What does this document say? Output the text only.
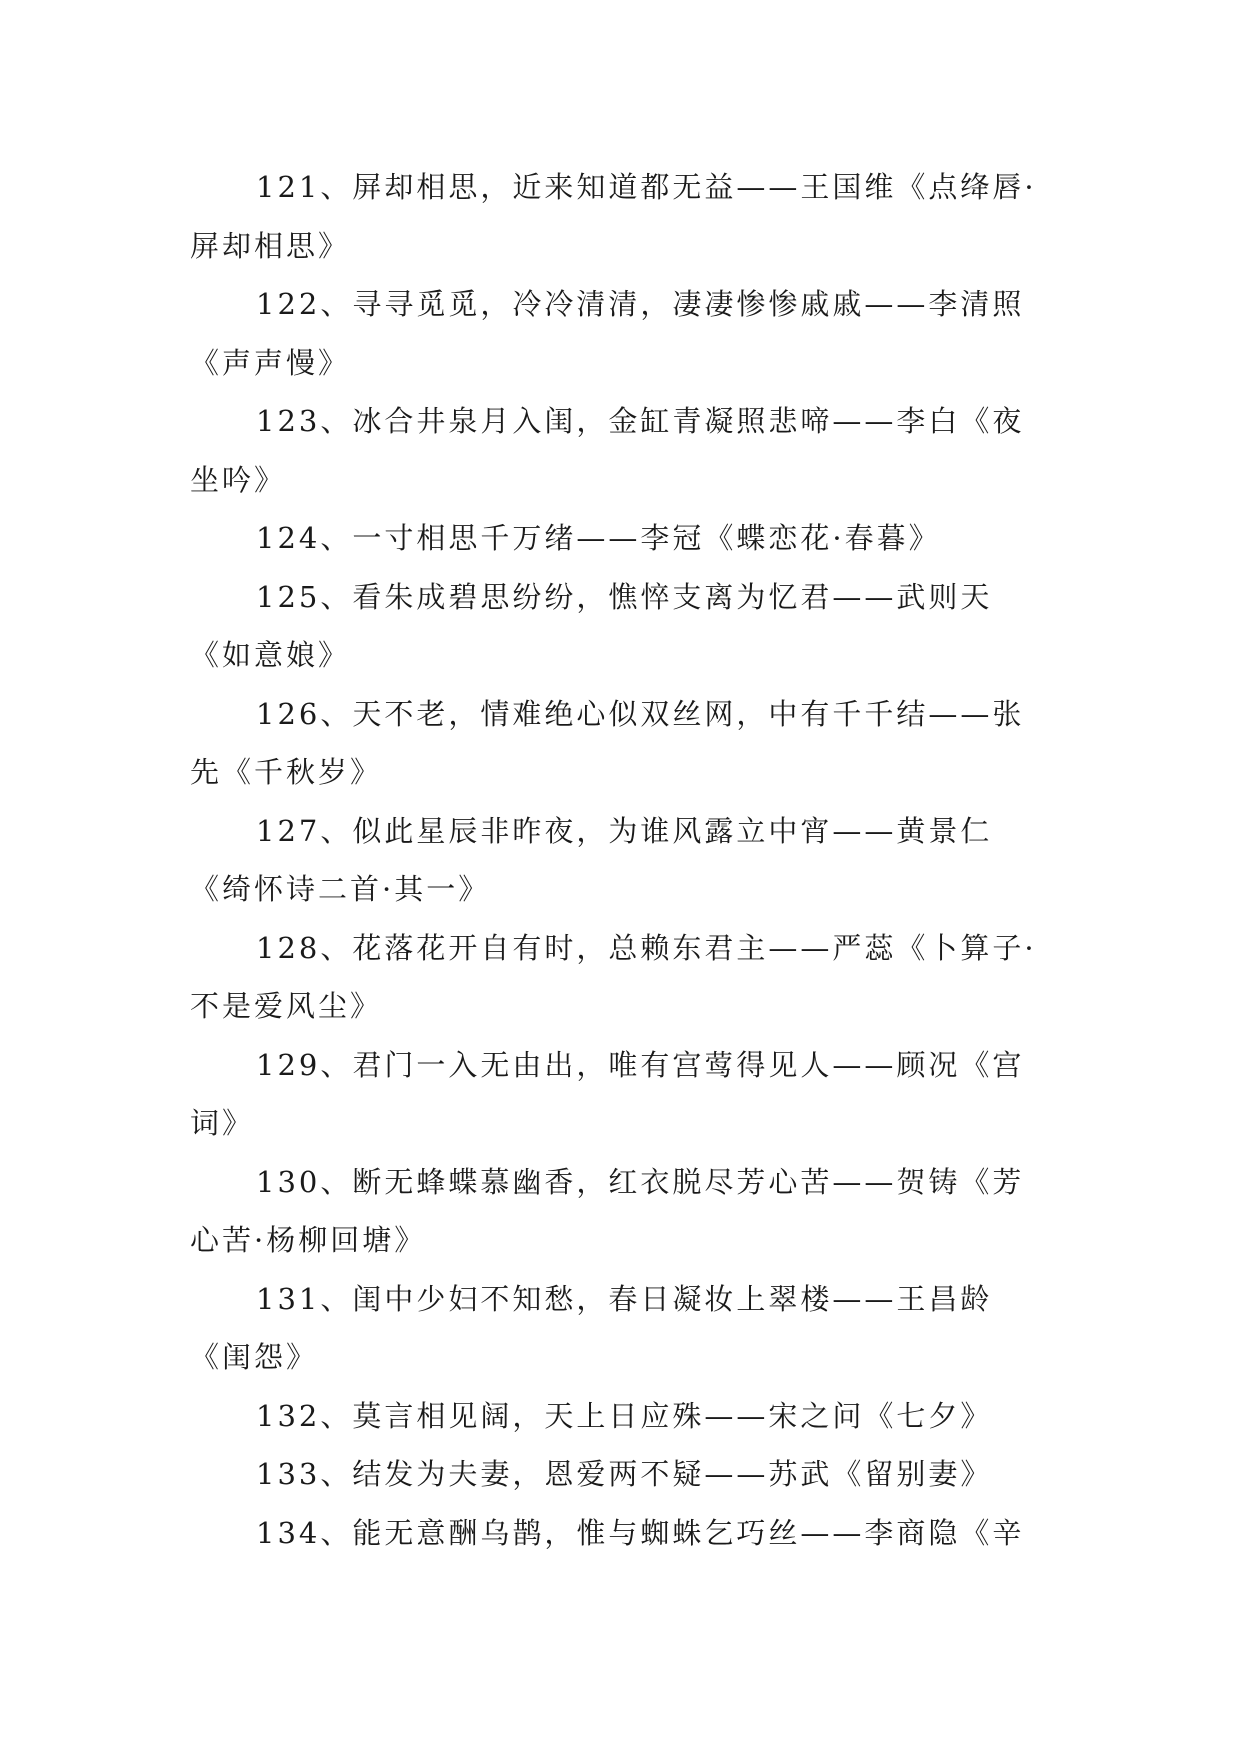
121、屏却相思，近来知道都无益——王国维《点绛唇·屏却相思》

122、寻寻觅觅，冷冷清清，凄凄惨惨戚戚——李清照《声声慢》

123、冰合井泉月入闺，金缸青凝照悲啼——李白《夜坐吟》

124、一寸相思千万绪——李冠《蝶恋花·春暮》

125、看朱成碧思纷纷，憔悴支离为忆君——武则天《如意娘》

126、天不老，情难绝心似双丝网，中有千千结——张先《千秋岁》

127、似此星辰非昨夜，为谁风露立中宵——黄景仁《绮怀诗二首·其一》

128、花落花开自有时，总赖东君主——严蕊《卜算子·不是爱风尘》

129、君门一入无由出，唯有宫莺得见人——顾况《宫词》

130、断无蜂蝶慕幽香，红衣脱尽芳心苦——贺铸《芳心苦·杨柳回塘》

131、闺中少妇不知愁，春日凝妆上翠楼——王昌龄《闺怨》

132、莫言相见阔，天上日应殊——宋之问《七夕》

133、结发为夫妻，恩爱两不疑——苏武《留别妻》

134、能无意酬乌鹊，惟与蜘蛛乞巧丝——李商隐《辛
